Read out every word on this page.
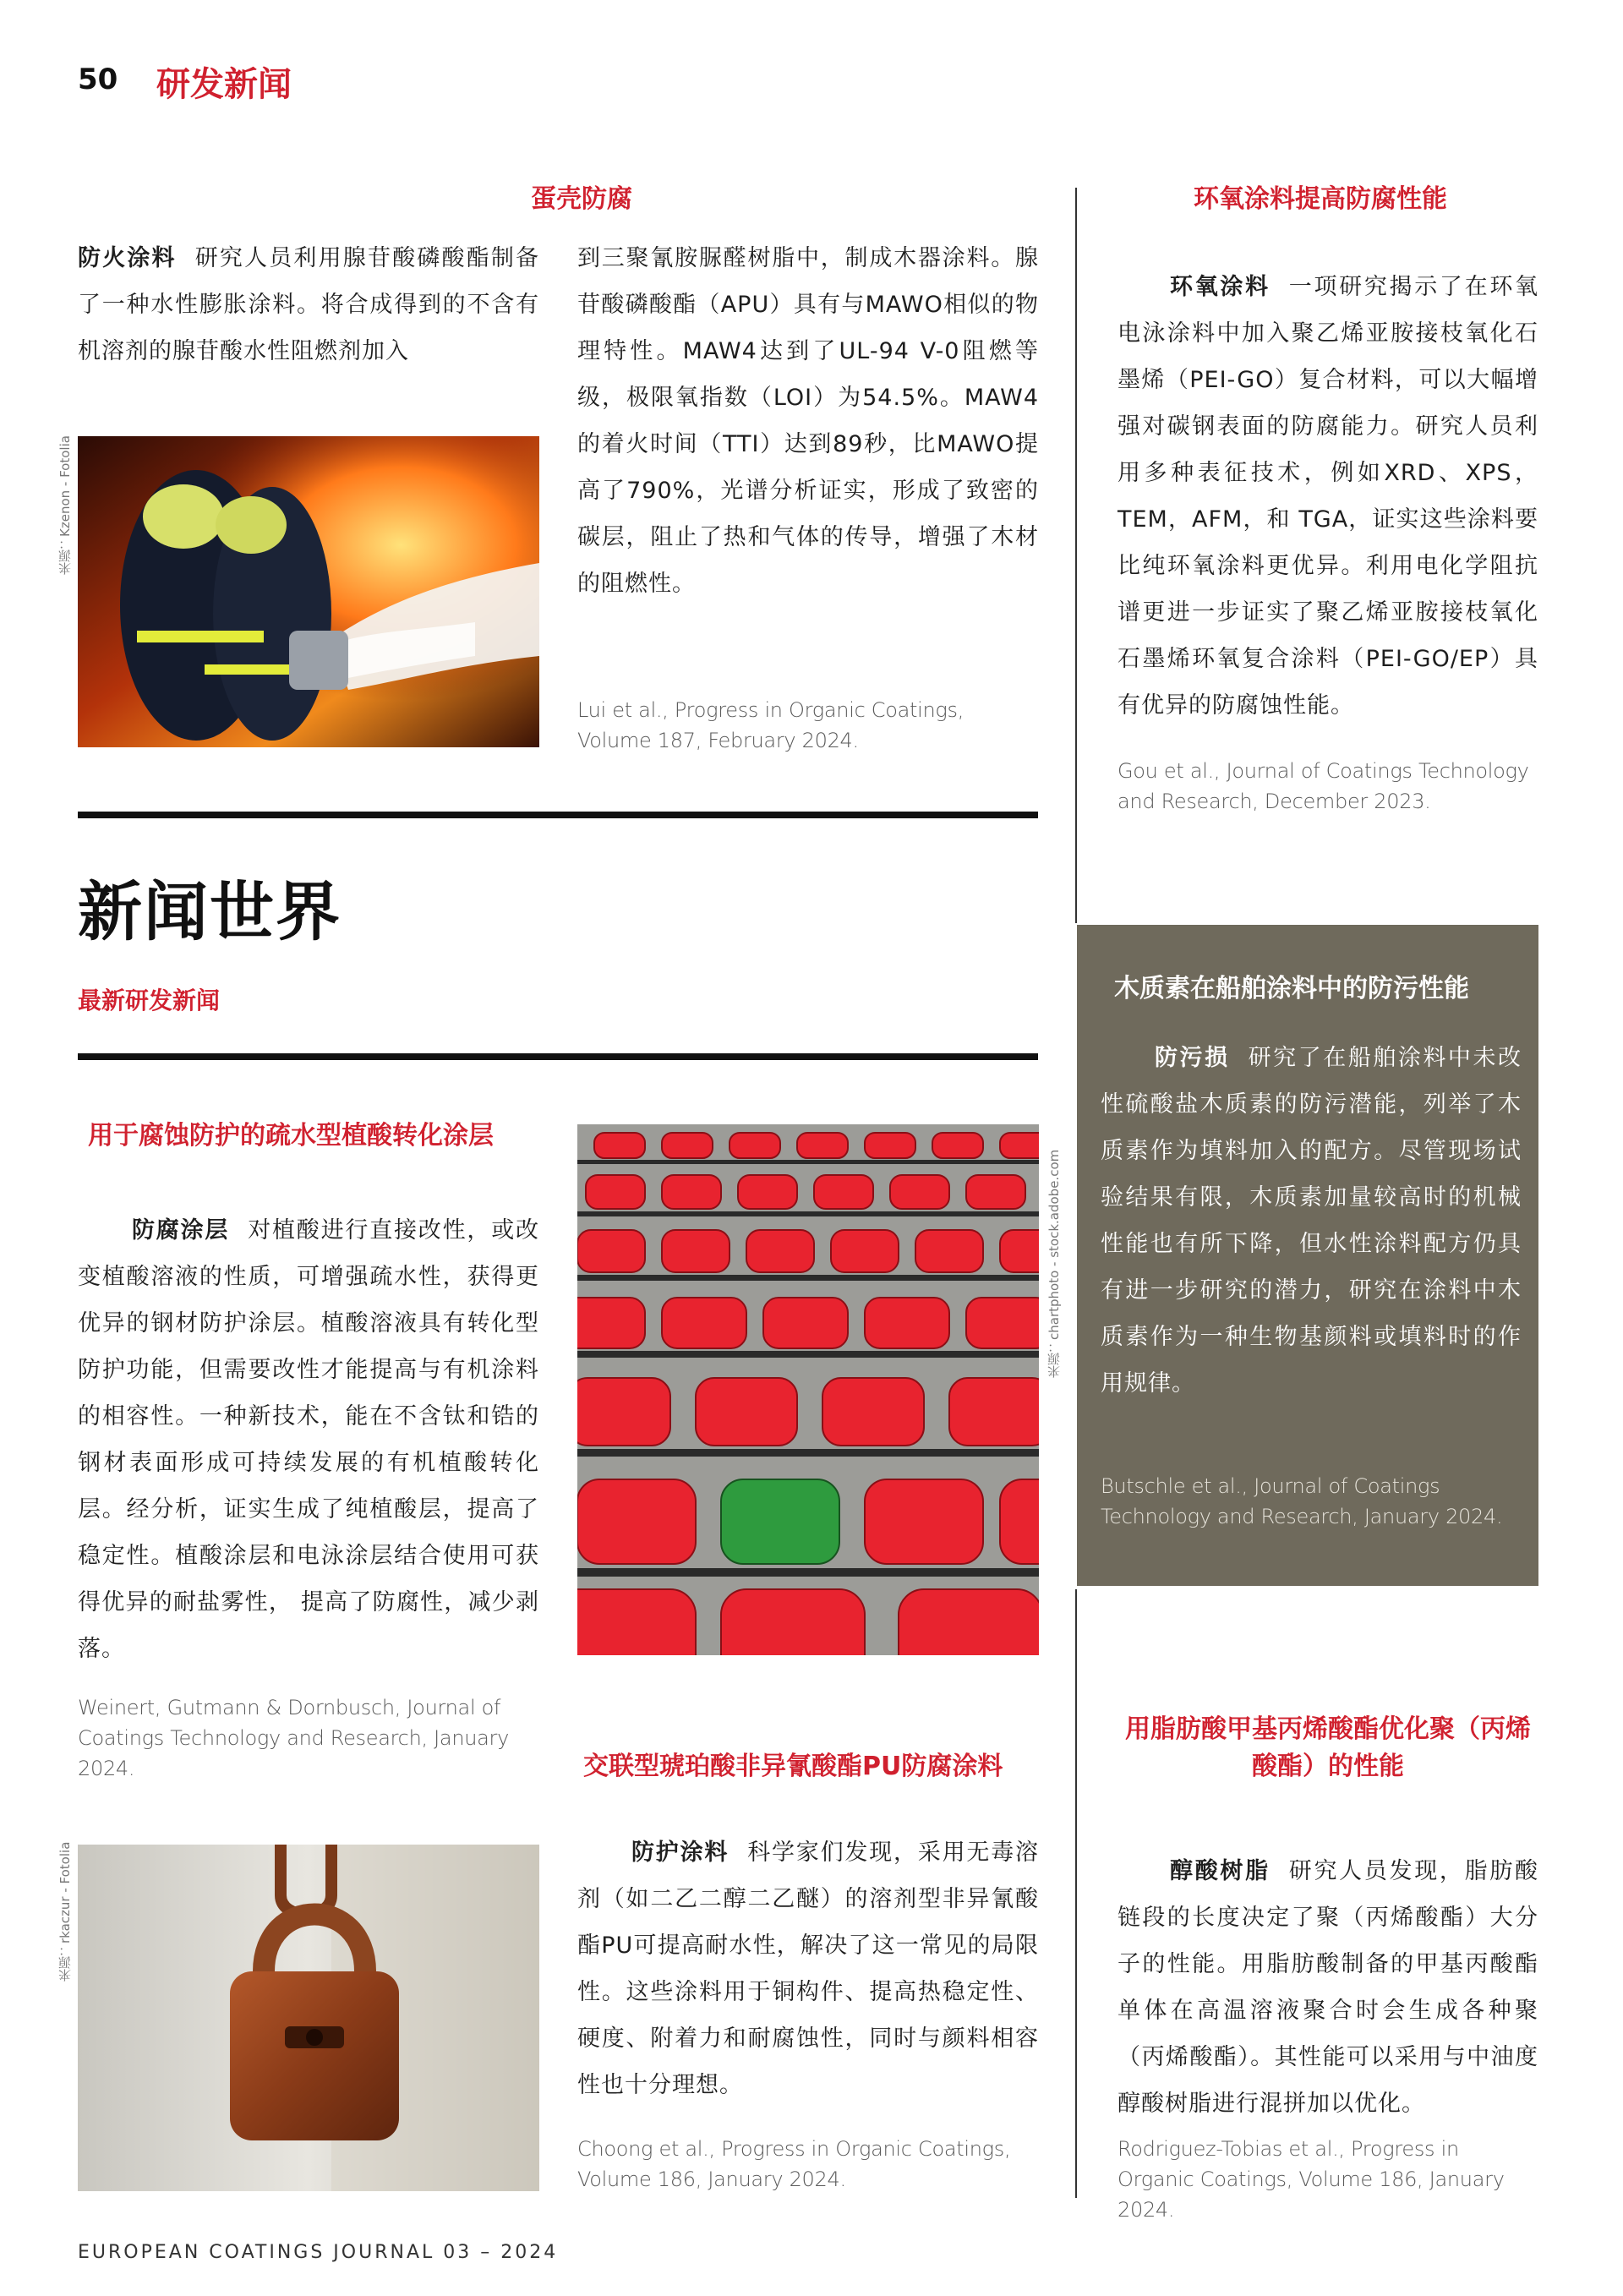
50 研发新闻
蛋壳防腐
防火涂料 研究人员利用腺苷酸磷酸酯制备了一种水性膨胀涂料。将合成得到的不含有机溶剂的腺苷酸水性阻燃剂加入
到三聚氰胺脲醛树脂中，制成木器涂料。腺苷酸磷酸酯（APU）具有与MAWO相似的物理特性。MAW4达到了UL-94 V-0阻燃等级，极限氧指数（LOI）为54.5%。MAW4的着火时间（TTI）达到89秒，比MAWO提高了790%，光谱分析证实，形成了致密的碳层，阻止了热和气体的传导，增强了木材的阻燃性。
Lui et al., Progress in Organic Coatings, Volume 187, February 2024.
来源：Kzenon - Fotolia
环氧涂料提高防腐性能
环氧涂料 一项研究揭示了在环氧电泳涂料中加入聚乙烯亚胺接枝氧化石墨烯（PEI-GO）复合材料，可以大幅增强对碳钢表面的防腐能力。研究人员利用多种表征技术，例如XRD、XPS，TEM，AFM，和 TGA，证实这些涂料要比纯环氧涂料更优异。利用电化学阻抗谱更进一步证实了聚乙烯亚胺接枝氧化石墨烯环氧复合涂料（PEI-GO/EP）具有优异的防腐蚀性能。
Gou et al., Journal of Coatings Technology and Research, December 2023.
新闻世界
最新研发新闻
用于腐蚀防护的疏水型植酸转化涂层
防腐涂层 对植酸进行直接改性，或改变植酸溶液的性质，可增强疏水性，获得更优异的钢材防护涂层。植酸溶液具有转化型防护功能，但需要改性才能提高与有机涂料的相容性。一种新技术，能在不含钛和锆的钢材表面形成可持续发展的有机植酸转化层。经分析，证实生成了纯植酸层，提高了稳定性。植酸涂层和电泳涂层结合使用可获得优异的耐盐雾性， 提高了防腐性，减少剥落。
Weinert, Gutmann & Dornbusch, Journal of Coatings Technology and Research, January 2024.
来源：chartphoto - stock.adobe.com
木质素在船舶涂料中的防污性能
防污损 研究了在船舶涂料中未改性硫酸盐木质素的防污潜能，列举了木质素作为填料加入的配方。尽管现场试验结果有限，木质素加量较高时的机械性能也有所下降，但水性涂料配方仍具有进一步研究的潜力，研究在涂料中木质素作为一种生物基颜料或填料时的作用规律。
Butschle et al., Journal of Coatings Technology and Research, January 2024.
交联型琥珀酸非异氰酸酯PU防腐涂料
防护涂料 科学家们发现，采用无毒溶剂（如二乙二醇二乙醚）的溶剂型非异氰酸酯PU可提高耐水性，解决了这一常见的局限性。这些涂料用于铜构件、提高热稳定性、硬度、附着力和耐腐蚀性，同时与颜料相容性也十分理想。
Choong et al., Progress in Organic Coatings, Volume 186, January 2024.
来源：rkaczur - Fotolia
用脂肪酸甲基丙烯酸酯优化聚（丙烯酸酯）的性能
醇酸树脂 研究人员发现，脂肪酸链段的长度决定了聚（丙烯酸酯）大分子的性能。用脂肪酸制备的甲基丙酸酯单体在高温溶液聚合时会生成各种聚（丙烯酸酯）。其性能可以采用与中油度醇酸树脂进行混拼加以优化。
Rodriguez-Tobias et al., Progress in Organic Coatings, Volume 186, January 2024.
EUROPEAN COATINGS JOURNAL 03 – 2024
